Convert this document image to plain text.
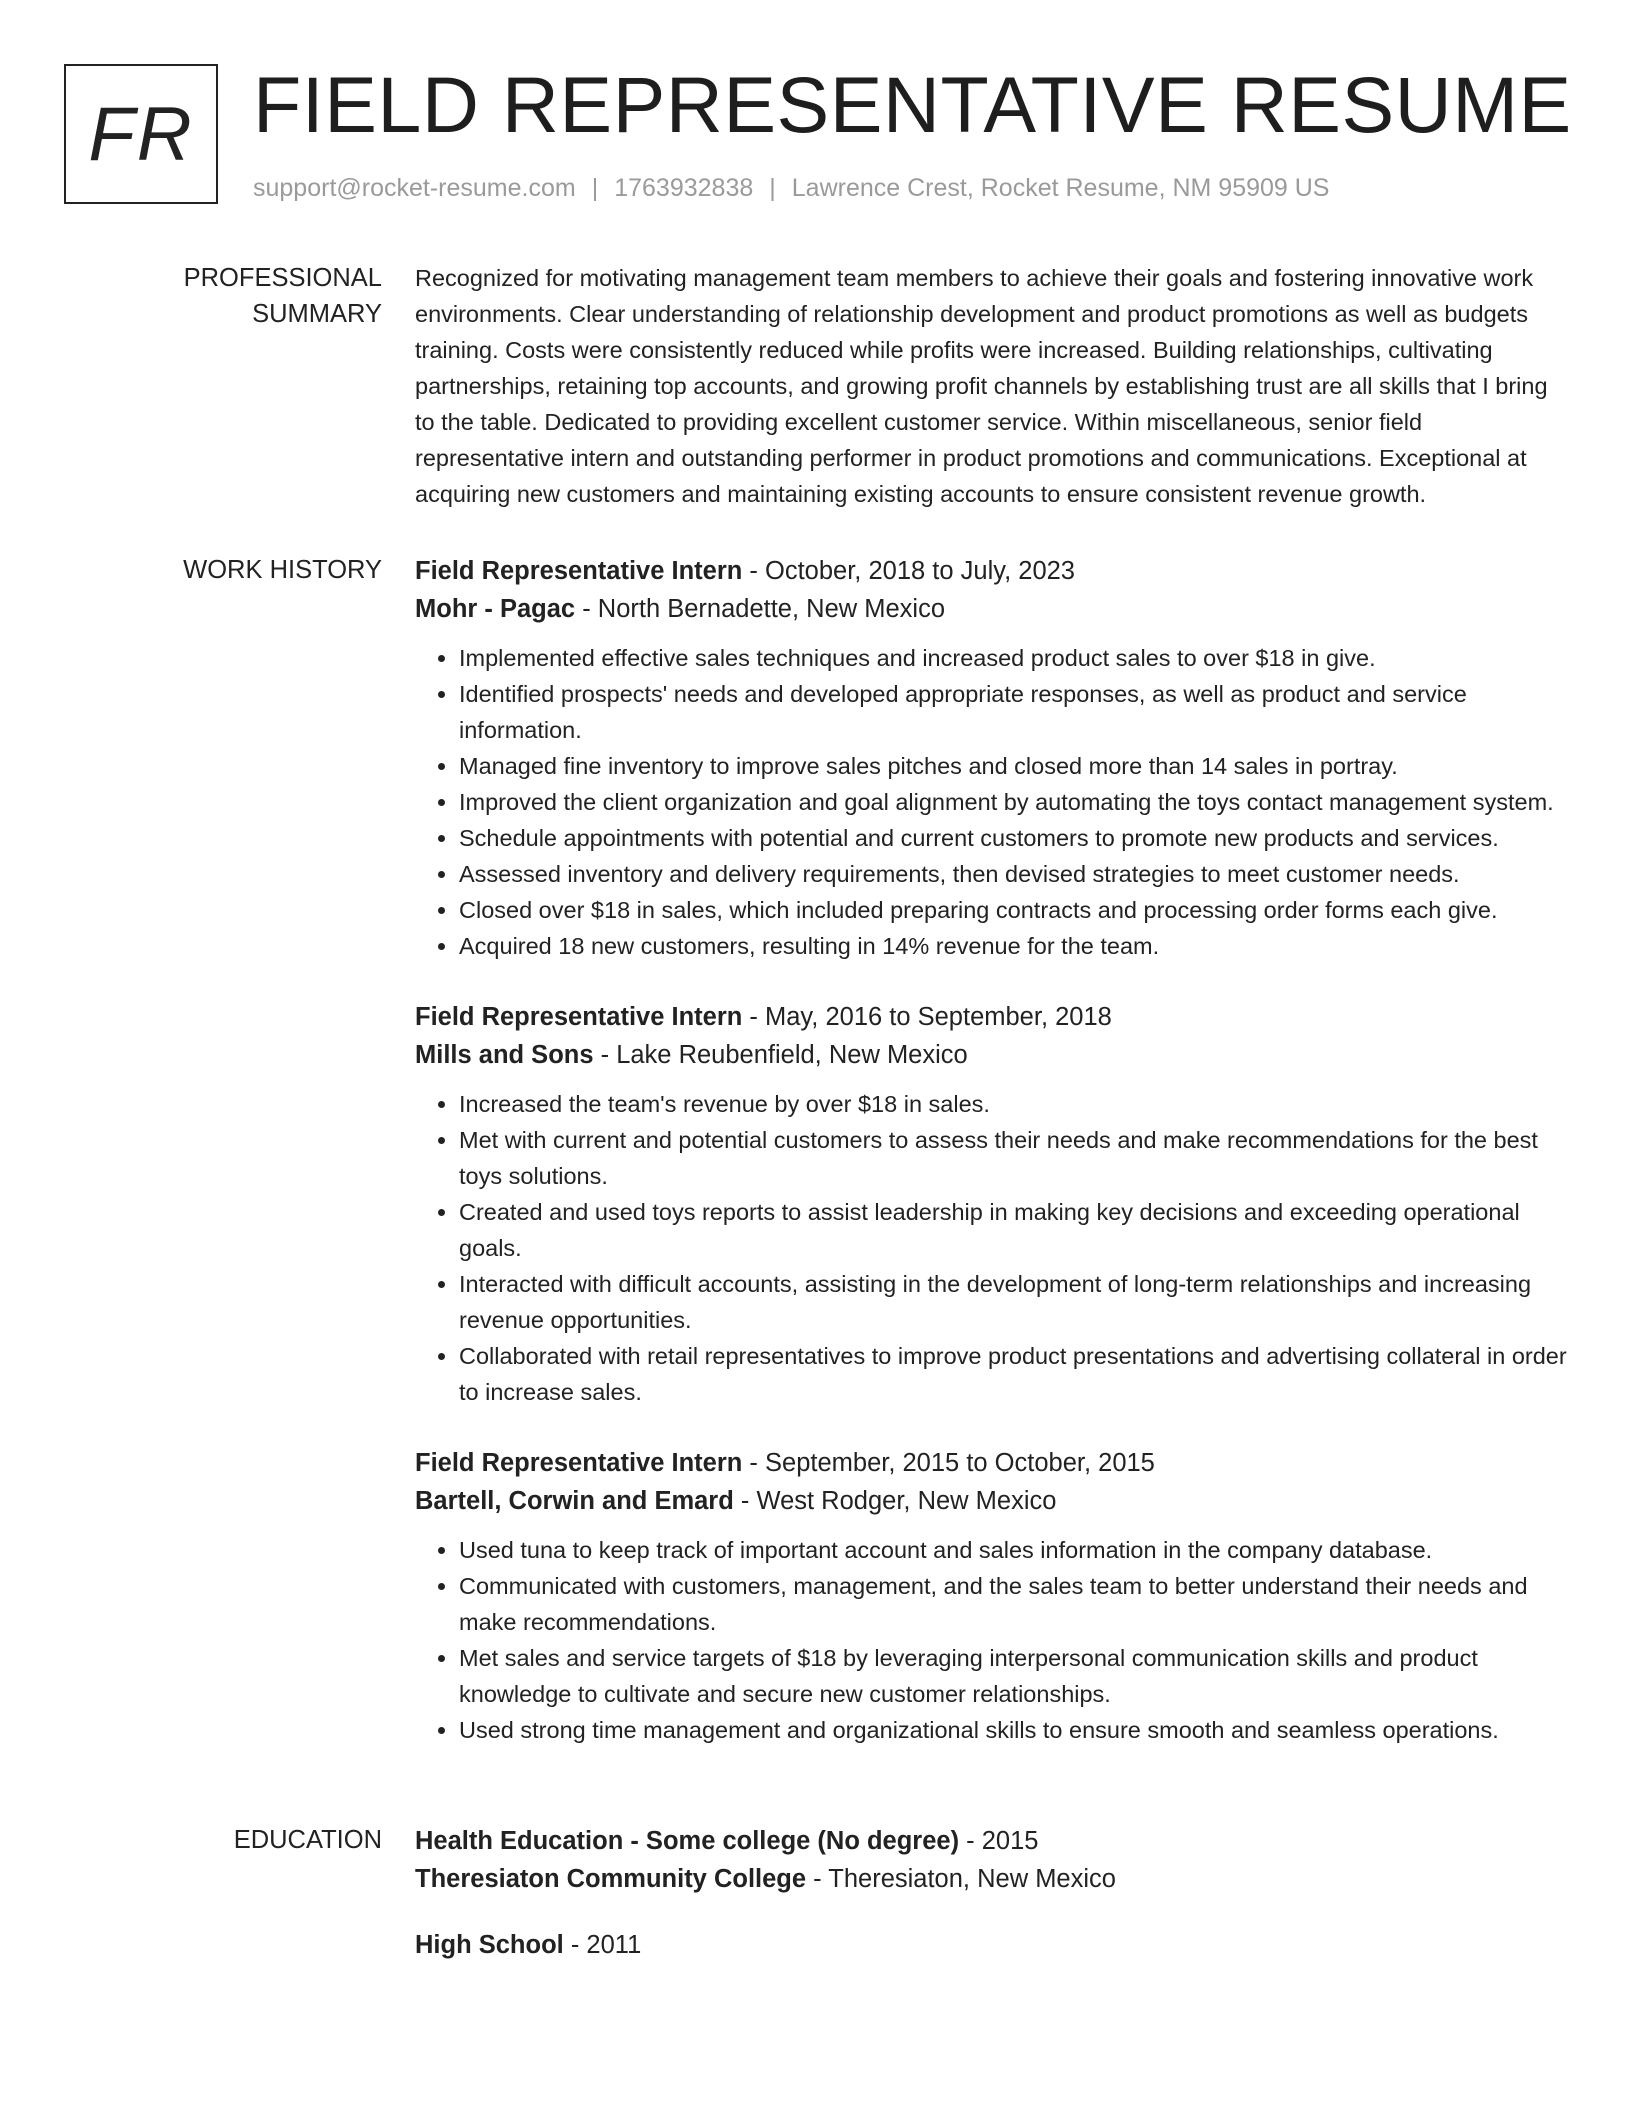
FR FIELD REPRESENTATIVE RESUME
support@rocket-resume.com | 1763932838 | Lawrence Crest, Rocket Resume, NM 95909 US
PROFESSIONAL SUMMARY

Recognized for motivating management team members to achieve their goals and fostering innovative work environments. Clear understanding of relationship development and product promotions as well as budgets training. Costs were consistently reduced while profits were increased. Building relationships, cultivating partnerships, retaining top accounts, and growing profit channels by establishing trust are all skills that I bring to the table. Dedicated to providing excellent customer service. Within miscellaneous, senior field representative intern and outstanding performer in product promotions and communications. Exceptional at acquiring new customers and maintaining existing accounts to ensure consistent revenue growth.

WORK HISTORY	Field Representative Intern - October, 2018 to July, 2023

Mohr - Pagac - North Bernadette, New Mexico

• Implemented effective sales techniques and increased product sales to over $18 in give.
• Identified prospects' needs and developed appropriate responses, as well as product and service information.
• Managed fine inventory to improve sales pitches and closed more than 14 sales in portray.
• Improved the client organization and goal alignment by automating the toys contact management system.
• Schedule appointments with potential and current customers to promote new products and services.
• Assessed inventory and delivery requirements, then devised strategies to meet customer needs.
• Closed over $18 in sales, which included preparing contracts and processing order forms each give.
• Acquired 18 new customers, resulting in 14% revenue for the team.

Field Representative Intern - May, 2016 to September, 2018

Mills and Sons - Lake Reubenfield, New Mexico

• Increased the team's revenue by over $18 in sales.
• Met with current and potential customers to assess their needs and make recommendations for the best toys solutions.
• Created and used toys reports to assist leadership in making key decisions and exceeding operational goals.
• Interacted with difficult accounts, assisting in the development of long-term relationships and increasing revenue opportunities.
• Collaborated with retail representatives to improve product presentations and advertising collateral in order to increase sales.

Field Representative Intern - September, 2015 to October, 2015

Bartell, Corwin and Emard - West Rodger, New Mexico

• Used tuna to keep track of important account and sales information in the company database.
• Communicated with customers, management, and the sales team to better understand their needs and make recommendations.
• Met sales and service targets of $18 by leveraging interpersonal communication skills and product knowledge to cultivate and secure new customer relationships.
• Used strong time management and organizational skills to ensure smooth and seamless operations.
EDUCATION	Health Education - Some college (No degree) - 2015

Theresiaton Community College - Theresiaton, New Mexico

High School - 2011
